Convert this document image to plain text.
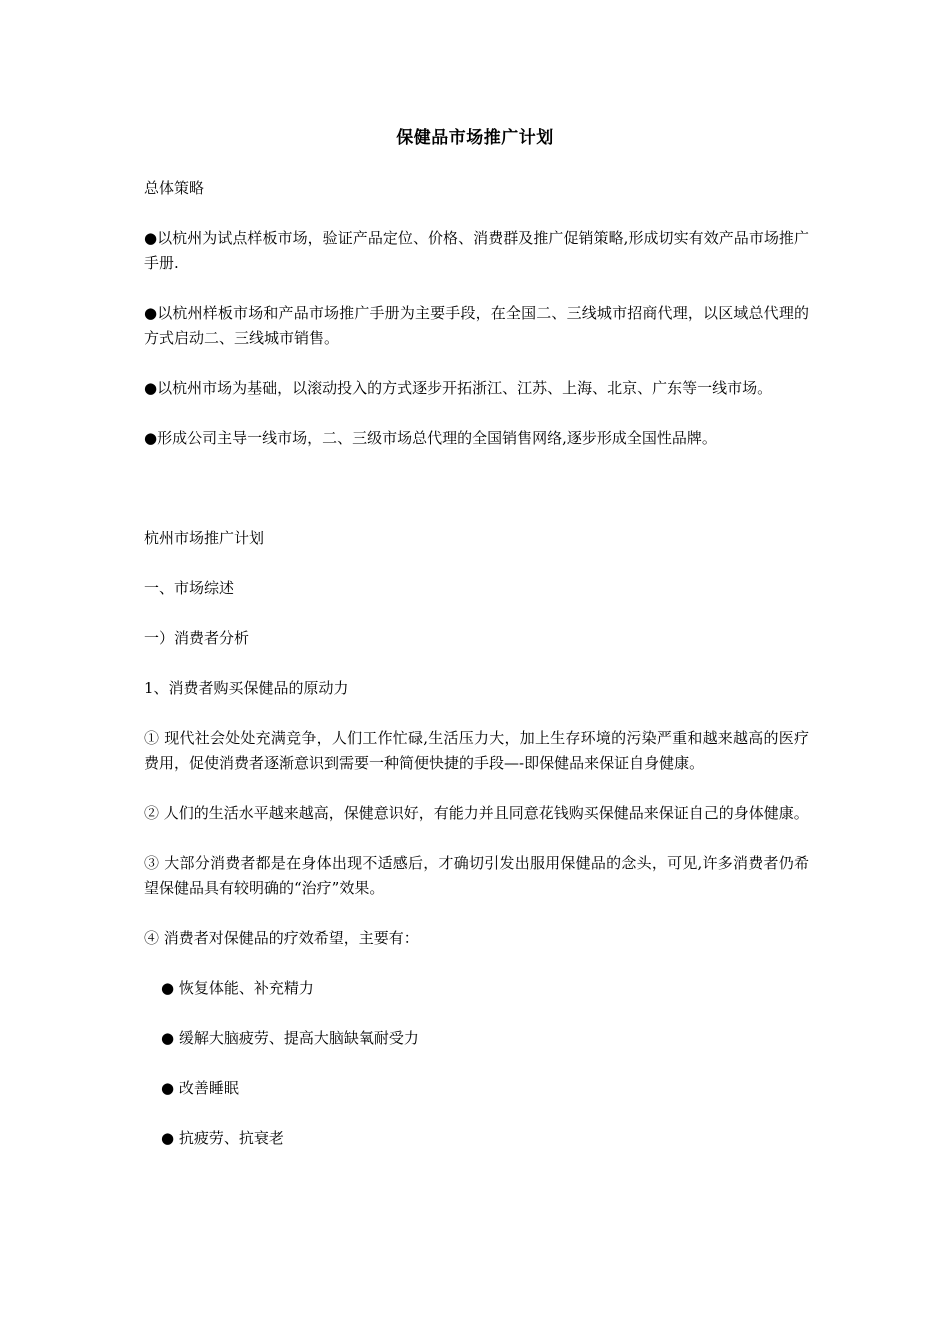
保健品市场推广计划

总体策略

●以杭州为试点样板市场，验证产品定位、价格、消费群及推广促销策略,形成切实有效产品市场推广手册.

●以杭州样板市场和产品市场推广手册为主要手段，在全国二、三线城市招商代理，以区域总代理的方式启动二、三线城市销售。

●以杭州市场为基础，以滚动投入的方式逐步开拓浙江、江苏、上海、北京、广东等一线市场。

●形成公司主导一线市场，二、三级市场总代理的全国销售网络,逐步形成全国性品牌。

杭州市场推广计划

一、市场综述

一）消费者分析

1、消费者购买保健品的原动力

① 现代社会处处充满竞争，人们工作忙碌,生活压力大，加上生存环境的污染严重和越来越高的医疗费用，促使消费者逐渐意识到需要一种简便快捷的手段—-即保健品来保证自身健康。

② 人们的生活水平越来越高，保健意识好，有能力并且同意花钱购买保健品来保证自己的身体健康。

③ 大部分消费者都是在身体出现不适感后，才确切引发出服用保健品的念头，可见,许多消费者仍希望保健品具有较明确的“治疗”效果。

④ 消费者对保健品的疗效希望，主要有：

● 恢复体能、补充精力

● 缓解大脑疲劳、提高大脑缺氧耐受力

● 改善睡眠

● 抗疲劳、抗衰老
